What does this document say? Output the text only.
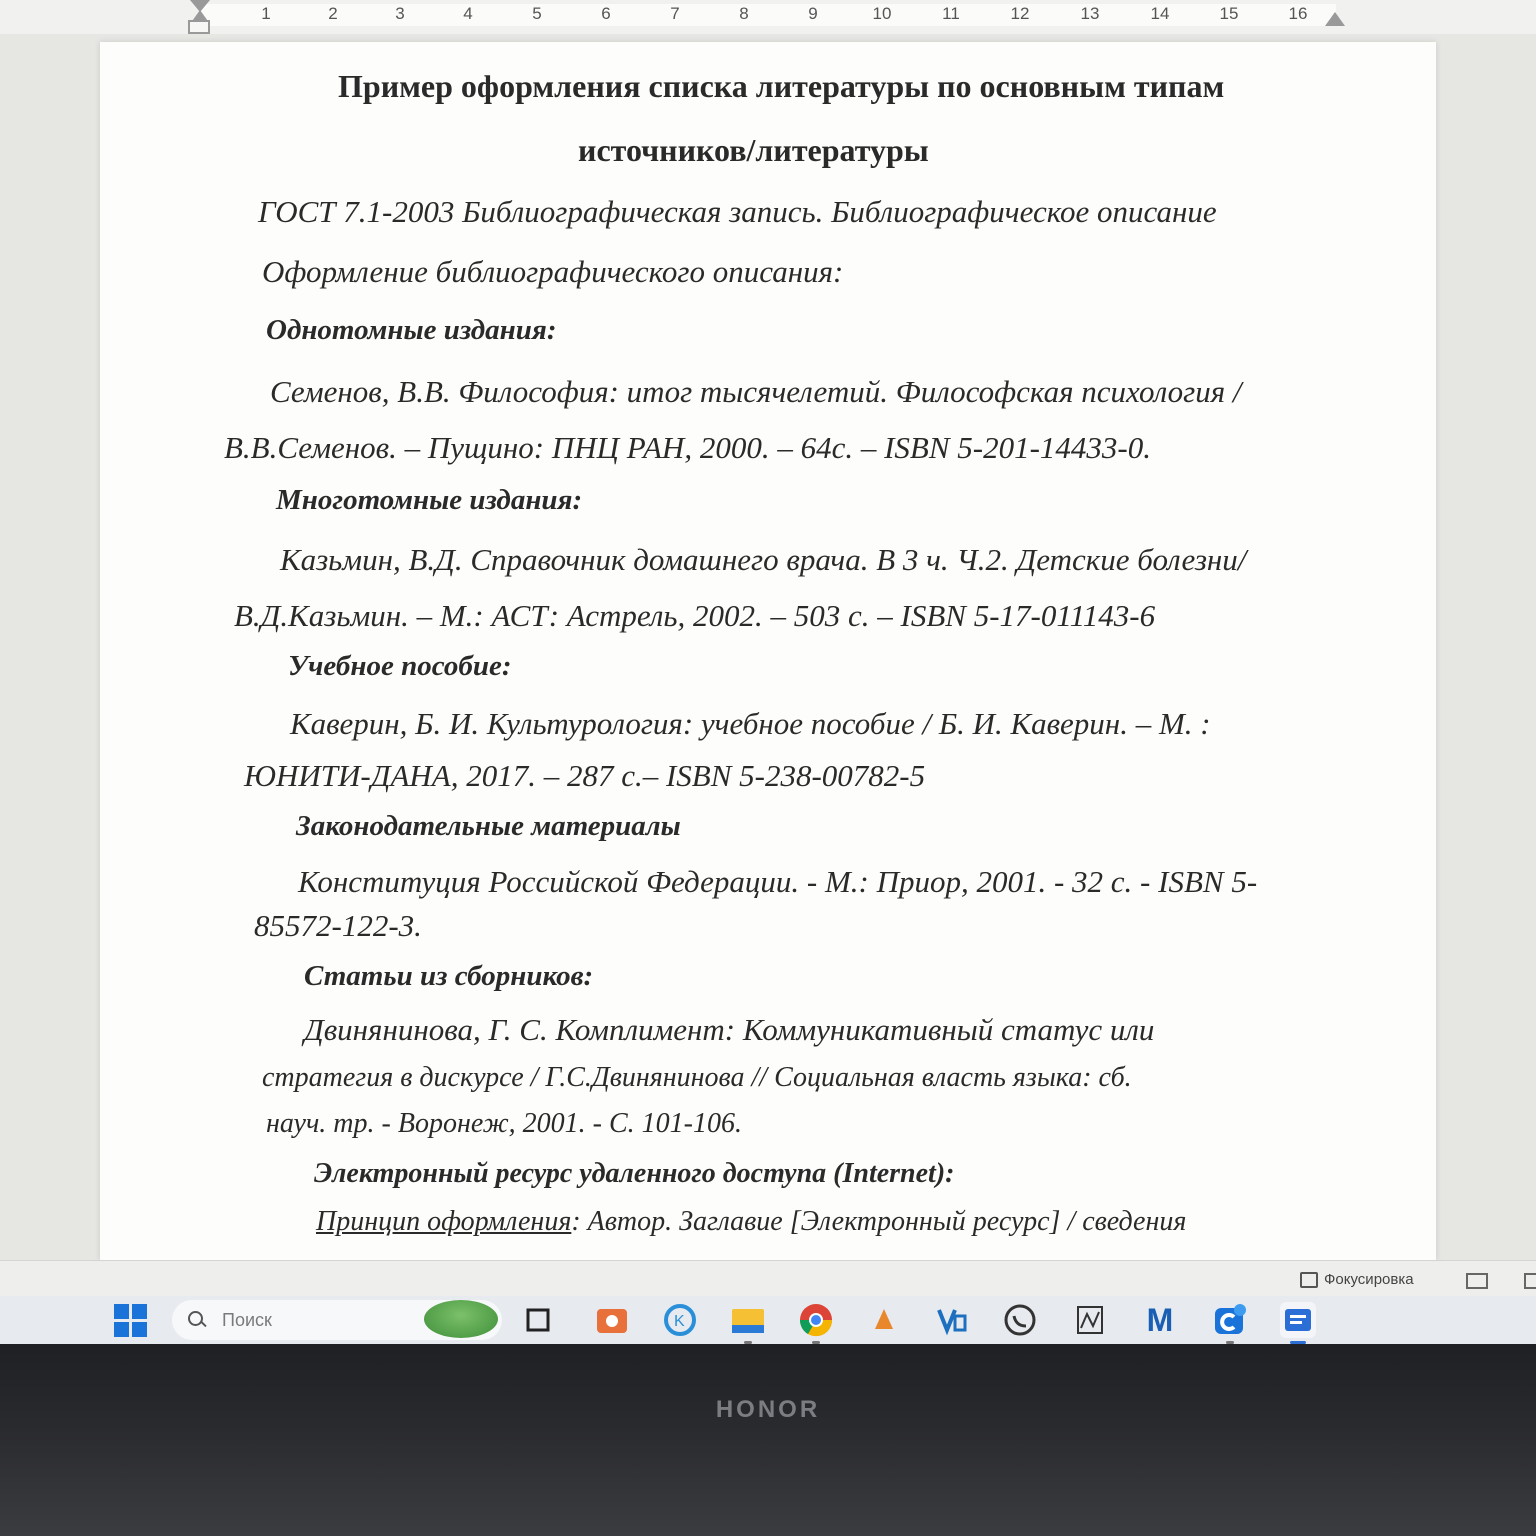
1	2	3	4	5	6	7	8	9	10	11	12	13	14	15	16
Пример оформления списка литературы по основным типам
источников/литературы
ГОСТ 7.1-2003 Библиографическая запись. Библиографическое описание
Оформление библиографического описания:
Однотомные издания:
Семенов, В.В. Философия: итог тысячелетий. Философская психология /
В.В.Семенов. – Пущино: ПНЦ РАН, 2000. – 64с. – ISBN 5-201-14433-0.
Многотомные издания:
Казьмин, В.Д. Справочник домашнего врача. В 3 ч. Ч.2. Детские болезни/
В.Д.Казьмин. – М.: АСТ: Астрель, 2002. – 503 с. – ISBN 5-17-011143-6
Учебное пособие:
Каверин, Б. И. Культурология: учебное пособие / Б. И. Каверин. – М. :
ЮНИТИ-ДАНА, 2017. – 287 с.– ISBN 5-238-00782-5
Законодательные материалы
Конституция Российской Федерации. - М.: Приор, 2001. - 32 с. - ISBN 5-
85572-122-3.
Статьи из сборников:
Двинянинова, Г. С. Комплимент: Коммуникативный статус или
стратегия в дискурсе / Г.С.Двинянинова // Социальная власть языка: сб.
науч. тр. - Воронеж, 2001. - С. 101-106.
Электронный ресурс удаленного доступа (Internet):
Принцип оформления: Автор. Заглавие [Электронный ресурс] / сведения
Фокусировка
Поиск
K	M
HONOR
